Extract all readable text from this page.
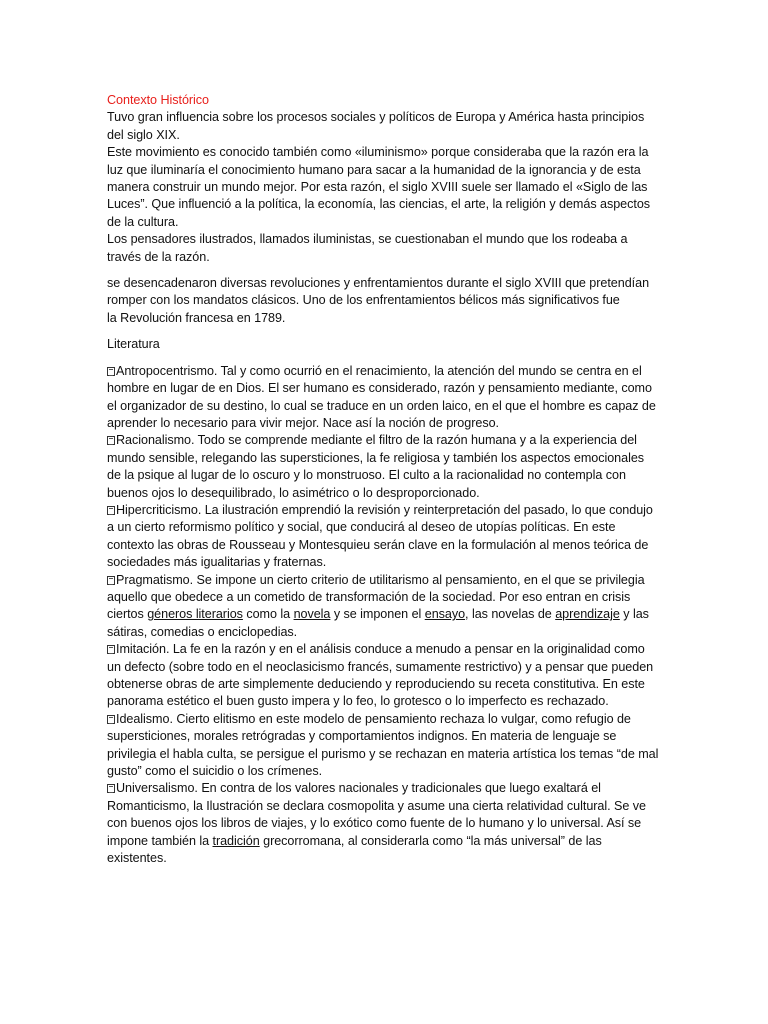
Contexto Histórico

Tuvo gran influencia sobre los procesos sociales y políticos de Europa y América hasta principios del siglo XIX.

Este movimiento es conocido también como «iluminismo» porque consideraba que la razón era la luz que iluminaría el conocimiento humano para sacar a la humanidad de la ignorancia y de esta manera construir un mundo mejor. Por esta razón, el siglo XVIII suele ser llamado el «Siglo de las Luces”. Que influenció a la política, la economía, las ciencias, el arte, la religión y demás aspectos de la cultura.

Los pensadores ilustrados, llamados iluministas, se cuestionaban el mundo que los rodeaba a través de la razón.

se desencadenaron diversas revoluciones y enfrentamientos durante el siglo XVIII que pretendían romper con los mandatos clásicos. Uno de los enfrentamientos bélicos más significativos fue

la Revolución francesa en 1789.

Literatura

Antropocentrismo. Tal y como ocurrió en el renacimiento, la atención del mundo se centra en el hombre en lugar de en Dios. El ser humano es considerado, razón y pensamiento mediante, como el organizador de su destino, lo cual se traduce en un orden laico, en el que el hombre es capaz de aprender lo necesario para vivir mejor. Nace así la noción de progreso.

Racionalismo. Todo se comprende mediante el filtro de la razón humana y a la experiencia del mundo sensible, relegando las supersticiones, la fe religiosa y también los aspectos emocionales de la psique al lugar de lo oscuro y lo monstruoso. El culto a la racionalidad no contempla con buenos ojos lo desequilibrado, lo asimétrico o lo desproporcionado.

Hipercriticismo. La ilustración emprendió la revisión y reinterpretación del pasado, lo que condujo a un cierto reformismo político y social, que conducirá al deseo de utopías políticas. En este contexto las obras de Rousseau y Montesquieu serán clave en la formulación al menos teórica de sociedades más igualitarias y fraternas.

Pragmatismo. Se impone un cierto criterio de utilitarismo al pensamiento, en el que se privilegia aquello que obedece a un cometido de transformación de la sociedad. Por eso entran en crisis ciertos géneros literarios como la novela y se imponen el ensayo, las novelas de aprendizaje y las sátiras, comedias o enciclopedias.

Imitación. La fe en la razón y en el análisis conduce a menudo a pensar en la originalidad como un defecto (sobre todo en el neoclasicismo francés, sumamente restrictivo) y a pensar que pueden obtenerse obras de arte simplemente deduciendo y reproduciendo su receta constitutiva. En este panorama estético el buen gusto impera y lo feo, lo grotesco o lo imperfecto es rechazado.

Idealismo. Cierto elitismo en este modelo de pensamiento rechaza lo vulgar, como refugio de supersticiones, morales retrógradas y comportamientos indignos. En materia de lenguaje se privilegia el habla culta, se persigue el purismo y se rechazan en materia artística los temas “de mal gusto” como el suicidio o los crímenes.

Universalismo. En contra de los valores nacionales y tradicionales que luego exaltará el Romanticismo, la Ilustración se declara cosmopolita y asume una cierta relatividad cultural. Se ve con buenos ojos los libros de viajes, y lo exótico como fuente de lo humano y lo universal. Así se impone también la tradición grecorromana, al considerarla como “la más universal” de las existentes.
